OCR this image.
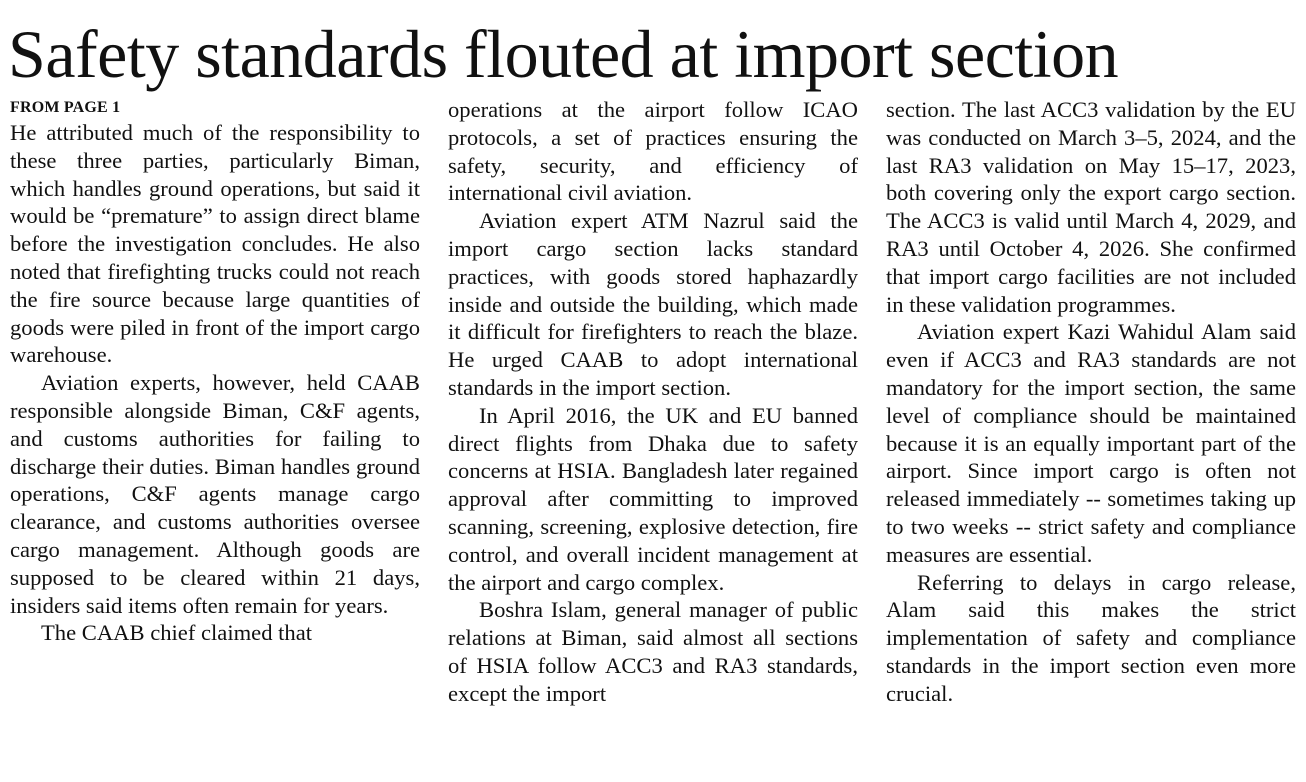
Safety standards flouted at import section

FROM PAGE 1

He attributed much of the responsibility to these three parties, particularly Biman, which handles ground operations, but said it would be “premature” to assign direct blame before the investigation concludes. He also noted that firefighting trucks could not reach the fire source because large quantities of goods were piled in front of the import cargo warehouse.

Aviation experts, however, held CAAB responsible alongside Biman, C&F agents, and customs authorities for failing to discharge their duties. Biman handles ground operations, C&F agents manage cargo clearance, and customs authorities oversee cargo management. Although goods are supposed to be cleared within 21 days, insiders said items often remain for years.

The CAAB chief claimed that

operations at the airport follow ICAO protocols, a set of practices ensuring the safety, security, and efficiency of international civil aviation.

Aviation expert ATM Nazrul said the import cargo section lacks standard practices, with goods stored haphazardly inside and outside the building, which made it difficult for firefighters to reach the blaze. He urged CAAB to adopt international standards in the import section.

In April 2016, the UK and EU banned direct flights from Dhaka due to safety concerns at HSIA. Bangladesh later regained approval after committing to improved scanning, screening, explosive detection, fire control, and overall incident management at the airport and cargo complex.

Boshra Islam, general manager of public relations at Biman, said almost all sections of HSIA follow ACC3 and RA3 standards, except the import

section. The last ACC3 validation by the EU was conducted on March 3–5, 2024, and the last RA3 validation on May 15–17, 2023, both covering only the export cargo section. The ACC3 is valid until March 4, 2029, and RA3 until October 4, 2026. She confirmed that import cargo facilities are not included in these validation programmes.

Aviation expert Kazi Wahidul Alam said even if ACC3 and RA3 standards are not mandatory for the import section, the same level of compliance should be maintained because it is an equally important part of the airport. Since import cargo is often not released immediately -- sometimes taking up to two weeks -- strict safety and compliance measures are essential.

Referring to delays in cargo release, Alam said this makes the strict implementation of safety and compliance standards in the import section even more crucial.
